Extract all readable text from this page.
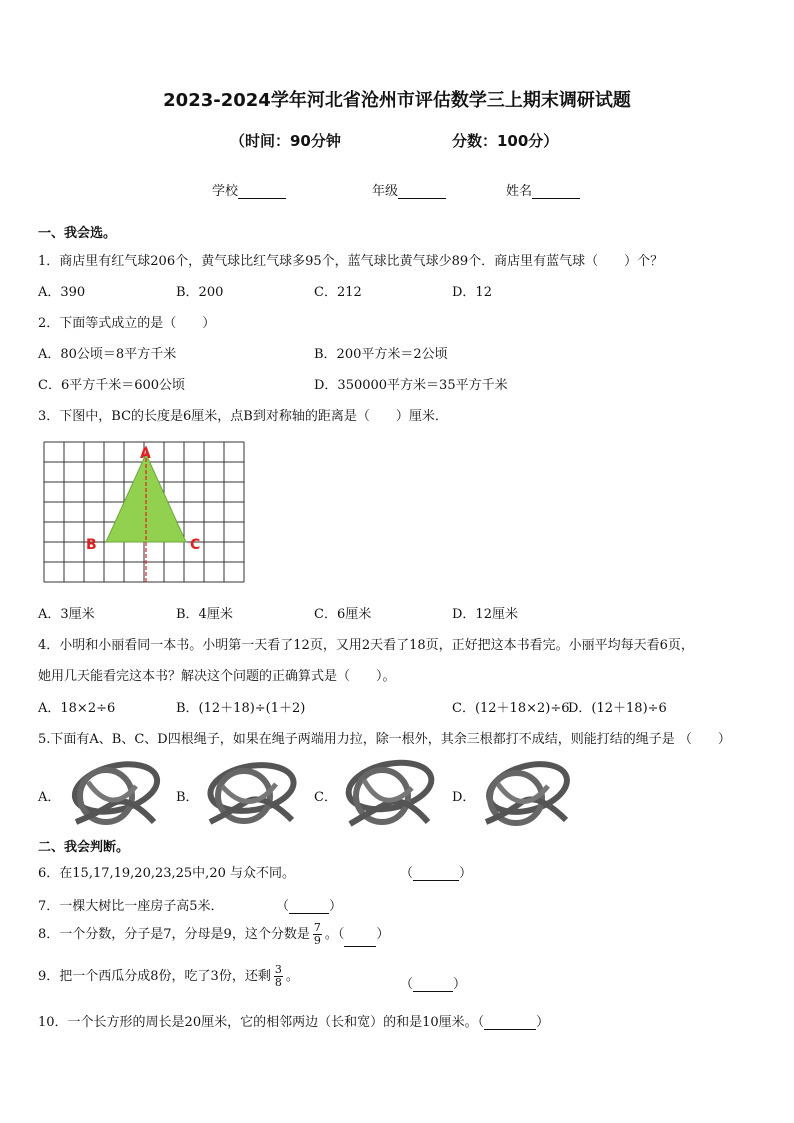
2023-2024学年河北省沧州市评估数学三上期末调研试题
（时间：90分钟	分数：100分）
学校	年级	姓名
一、我会选。
1．商店里有红气球206个，黄气球比红气球多95个，蓝气球比黄气球少89个．商店里有蓝气球（　　）个？
A．390	B．200	C．212	D．12
2．下面等式成立的是（　　）
A．80公顷＝8平方千米	B．200平方米＝2公顷
C．6平方千米＝600公顷	D．350000平方米＝35平方千米
3．下图中，BC的长度是6厘米，点B到对称轴的距离是（　　）厘米．
A
B	C
A．3厘米	B．4厘米	C．6厘米	D．12厘米
4．小明和小丽看同一本书。小明第一天看了12页，又用2天看了18页，正好把这本书看完。小丽平均每天看6页，
她用几天能看完这本书？解决这个问题的正确算式是（　　）。
A．18×2÷6	B．(12＋18)÷(1＋2)	C．(12＋18×2)÷6
D．(12＋18)÷6
5.下面有A、B、C、D四根绳子，如果在绳子两端用力拉，除一根外，其余三根都打不成结，则能打结的绳子是 （　　）
A．	B．	C．	D．
二、我会判断。
6．在15,17,19,20,23,25中,20 与众不同。	（	）
7．一棵大树比一座房子高5米．	（	）
8．一个分数，分子是7，分母是9，这个分数是 $\frac{7}{9}$ 。（ ）
9．把一个西瓜分成8份，吃了3份，还剩 $\frac{3}{8}$ 。
（	）
10．一个长方形的周长是20厘米，它的相邻两边（长和宽）的和是10厘米。（	）
